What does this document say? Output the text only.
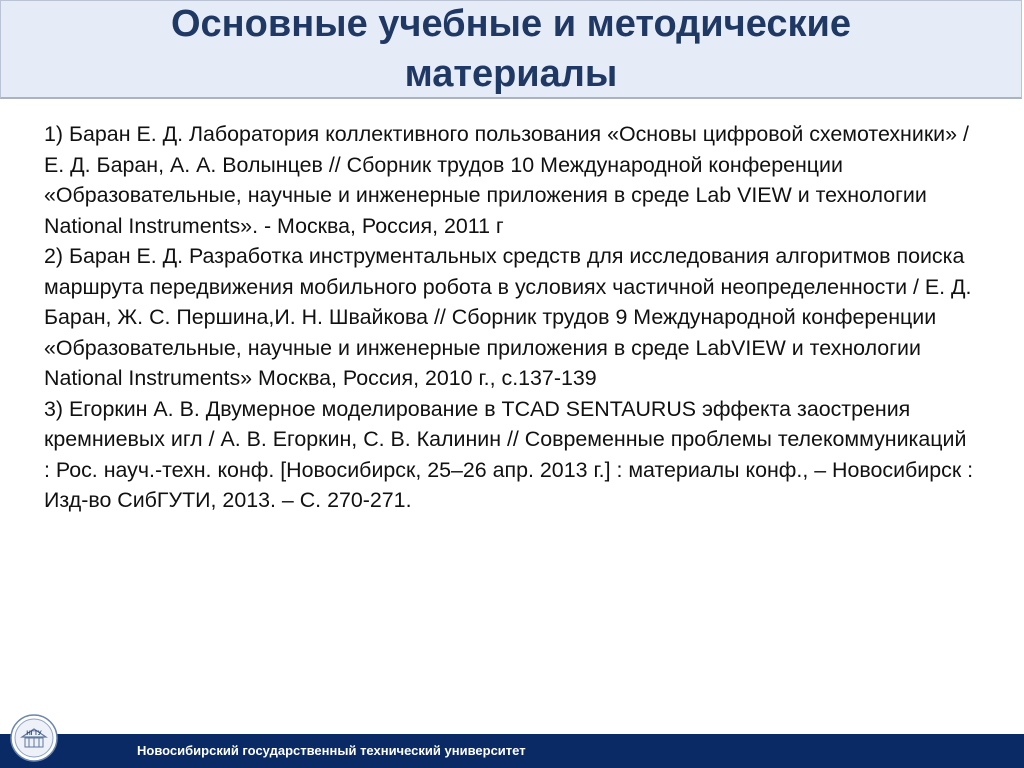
Основные учебные и методические материалы

1) Баран Е. Д. Лаборатория коллективного пользования «Основы цифровой схемотехники» / Е. Д. Баран, А. А. Волынцев // Сборник трудов 10 Международной конференции «Образовательные, научные и инженерные приложения в среде Lab VIEW и технологии National Instruments». - Москва, Россия, 2011 г

2) Баран Е. Д. Разработка инструментальных средств для исследования алгоритмов поиска маршрута передвижения мобильного робота в условиях частичной неопределенности / Е. Д. Баран, Ж. С. Першина,И. Н. Швайкова // Сборник трудов 9 Международной конференции «Образовательные, научные и инженерные приложения в среде LabVIEW и технологии National Instruments» Москва, Россия, 2010 г., с.137-139

3) Егоркин А. В. Двумерное моделирование в TCAD SENTAURUS эффекта заострения кремниевых игл / А. В. Егоркин, С. В. Калинин // Современные проблемы телекоммуникаций : Рос. науч.-техн. конф. [Новосибирск, 25–26 апр. 2013 г.] : материалы конф., – Новосибирск : Изд-во СибГУТИ, 2013. – С. 270-271.

Новосибирский государственный технический университет
НГТУ
